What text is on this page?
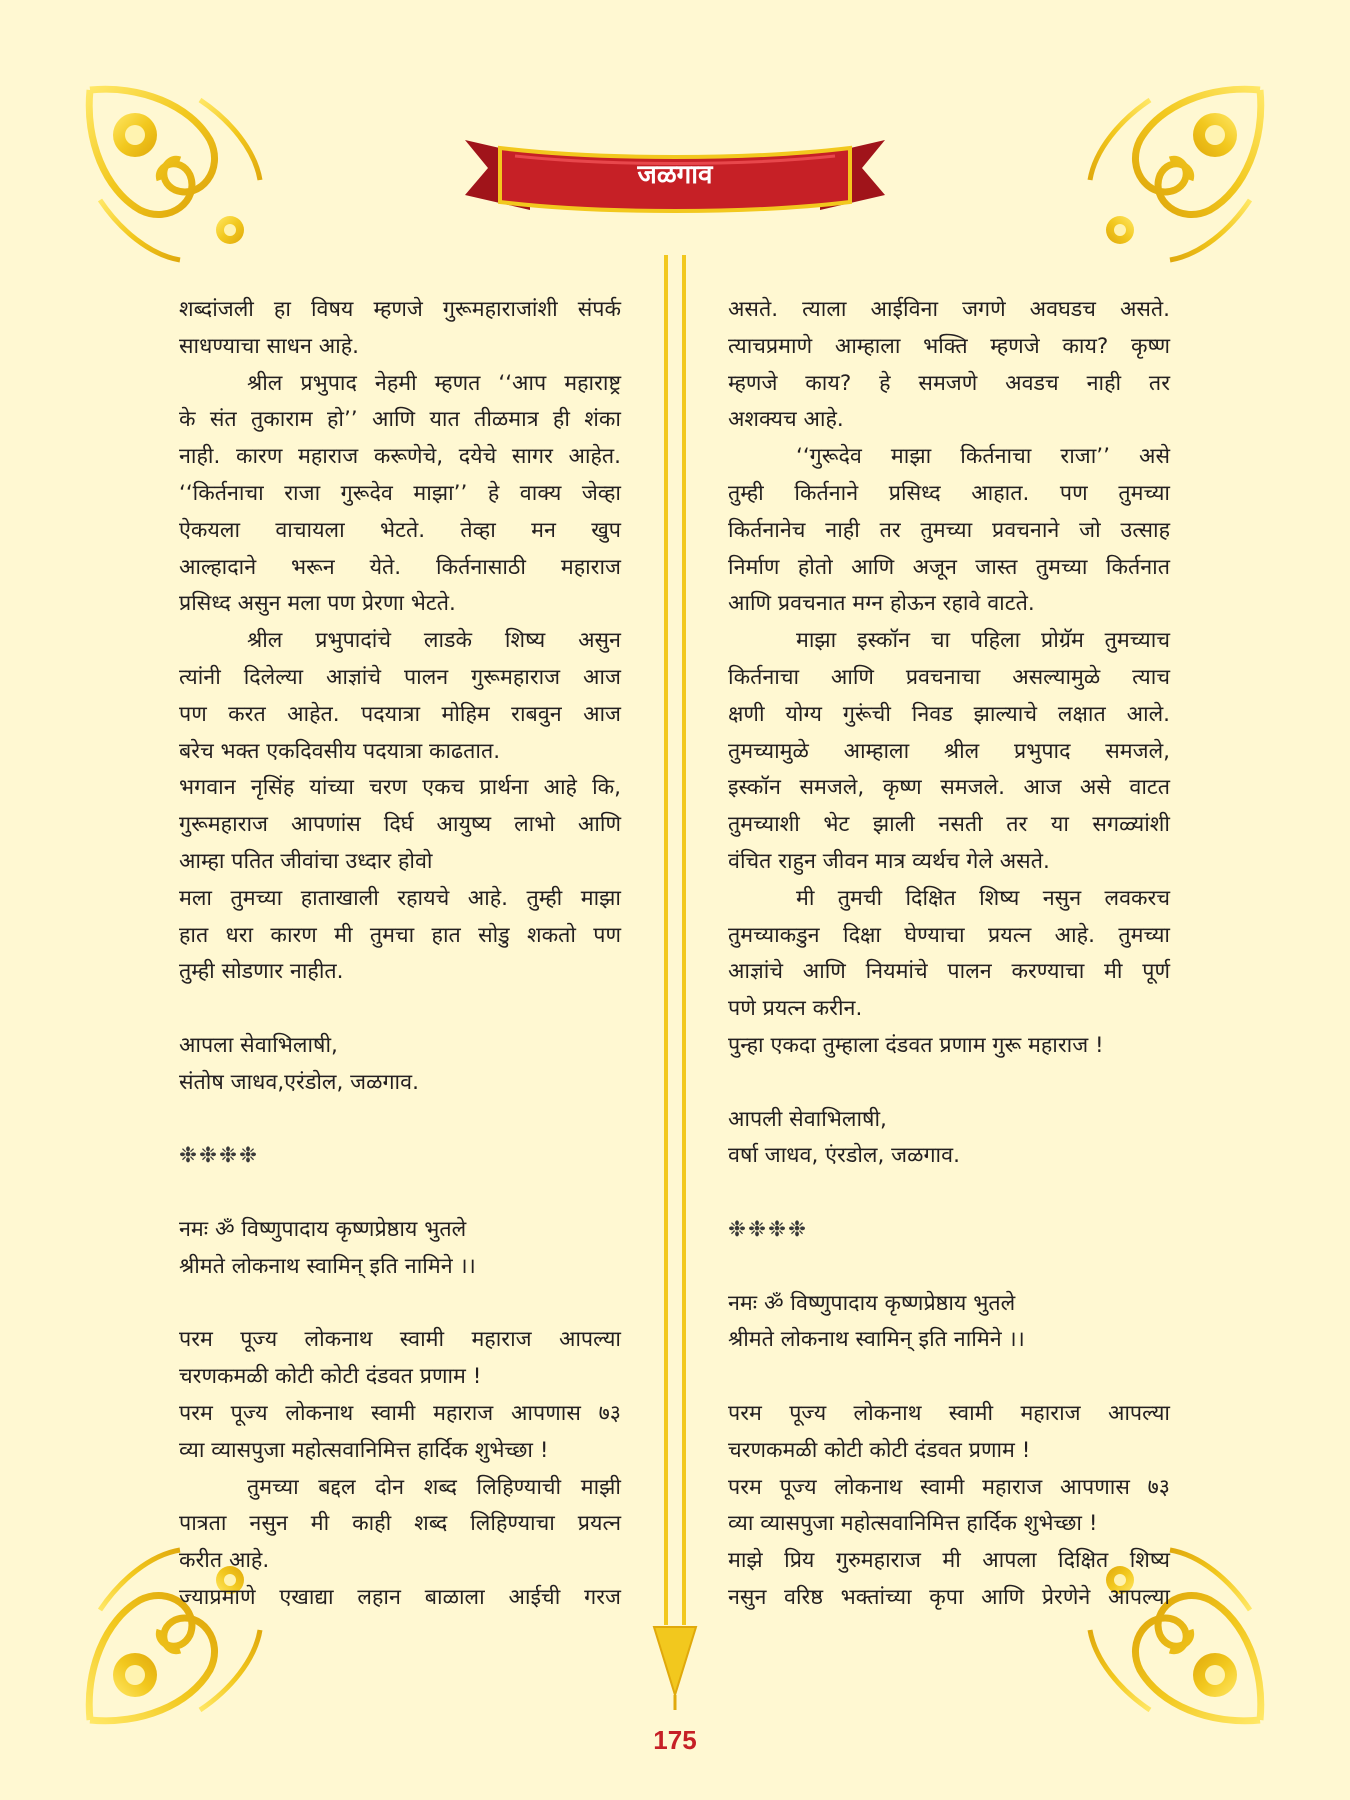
जळगाव

शब्दांजली हा विषय म्हणजे गुरूमहाराजांशी संपर्क

साधण्याचा साधन आहे.

श्रील प्रभुपाद नेहमी म्हणत ‘‘आप महाराष्ट्र

के संत तुकाराम हो’’ आणि यात तीळमात्र ही शंका

नाही. कारण महाराज करूणेचे, दयेचे सागर आहेत.

‘‘किर्तनाचा राजा गुरूदेव माझा’’ हे वाक्य जेव्हा

ऐकयला वाचायला भेटते. तेव्हा मन खुप

आल्हादाने भरून येते. किर्तनासाठी महाराज

प्रसिध्द असुन मला पण प्रेरणा भेटते.

श्रील प्रभुपादांचे लाडके शिष्य असुन

त्यांनी दिलेल्या आज्ञांचे पालन गुरूमहाराज आज

पण करत आहेत. पदयात्रा मोहिम राबवुन आज

बरेच भक्त एकदिवसीय पदयात्रा काढतात.

भगवान नृसिंह यांच्या चरण एकच प्रार्थना आहे कि,

गुरूमहाराज आपणांस दिर्घ आयुष्य लाभो आणि

आम्हा पतित जीवांचा उध्दार होवो

मला तुमच्या हाताखाली रहायचे आहे. तुम्ही माझा

हात धरा कारण मी तुमचा हात सोडु शकतो पण

तुम्ही सोडणार नाहीत.

आपला सेवाभिलाषी,

संतोष जाधव,एरंडोल, जळगाव.

❉❉❉❉

नमः ॐ विष्णुपादाय कृष्णप्रेष्ठाय भुतले

श्रीमते लोकनाथ स्वामिन् इति नामिने ।।

परम पूज्य लोकनाथ स्वामी महाराज आपल्या

चरणकमळी कोटी कोटी दंडवत प्रणाम !

परम पूज्य लोकनाथ स्वामी महाराज आपणास ७३

व्या व्यासपुजा महोत्सवानिमित्त हार्दिक शुभेच्छा !

तुमच्या बद्दल दोन शब्द लिहिण्याची माझी

पात्रता नसुन मी काही शब्द लिहिण्याचा प्रयत्न

करीत आहे.

ज्याप्रमाणे एखाद्या लहान बाळाला आईची गरज

असते. त्याला आईविना जगणे अवघडच असते.

त्याचप्रमाणे आम्हाला भक्ति म्हणजे काय? कृष्ण

म्हणजे काय? हे समजणे अवडच नाही तर

अशक्यच आहे.

‘‘गुरूदेव माझा किर्तनाचा राजा’’ असे

तुम्ही किर्तनाने प्रसिध्द आहात. पण तुमच्या

किर्तनानेच नाही तर तुमच्या प्रवचनाने जो उत्साह

निर्माण होतो आणि अजून जास्त तुमच्या किर्तनात

आणि प्रवचनात मग्न होऊन रहावे वाटते.

माझा इस्कॉन चा पहिला प्रोग्रॅम तुमच्याच

किर्तनाचा आणि प्रवचनाचा असल्यामुळे त्याच

क्षणी योग्य गुरूंची निवड झाल्याचे लक्षात आले.

तुमच्यामुळे आम्हाला श्रील प्रभुपाद समजले,

इस्कॉन समजले, कृष्ण समजले. आज असे वाटत

तुमच्याशी भेट झाली नसती तर या सगळ्यांशी

वंचित राहुन जीवन मात्र व्यर्थच गेले असते.

मी तुमची दिक्षित शिष्य नसुन लवकरच

तुमच्याकडुन दिक्षा घेण्याचा प्रयत्न आहे. तुमच्या

आज्ञांचे आणि नियमांचे पालन करण्याचा मी पूर्ण

पणे प्रयत्न करीन.

पुन्हा एकदा तुम्हाला दंडवत प्रणाम गुरू महाराज !

आपली सेवाभिलाषी,

वर्षा जाधव, एंरडोल, जळगाव.

❉❉❉❉

नमः ॐ विष्णुपादाय कृष्णप्रेष्ठाय भुतले

श्रीमते लोकनाथ स्वामिन् इति नामिने ।।

परम पूज्य लोकनाथ स्वामी महाराज आपल्या

चरणकमळी कोटी कोटी दंडवत प्रणाम !

परम पूज्य लोकनाथ स्वामी महाराज आपणास ७३

व्या व्यासपुजा महोत्सवानिमित्त हार्दिक शुभेच्छा !

माझे प्रिय गुरुमहाराज मी आपला दिक्षित शिष्य

नसुन वरिष्ठ भक्तांच्या कृपा आणि प्रेरणेने आपल्या

175
